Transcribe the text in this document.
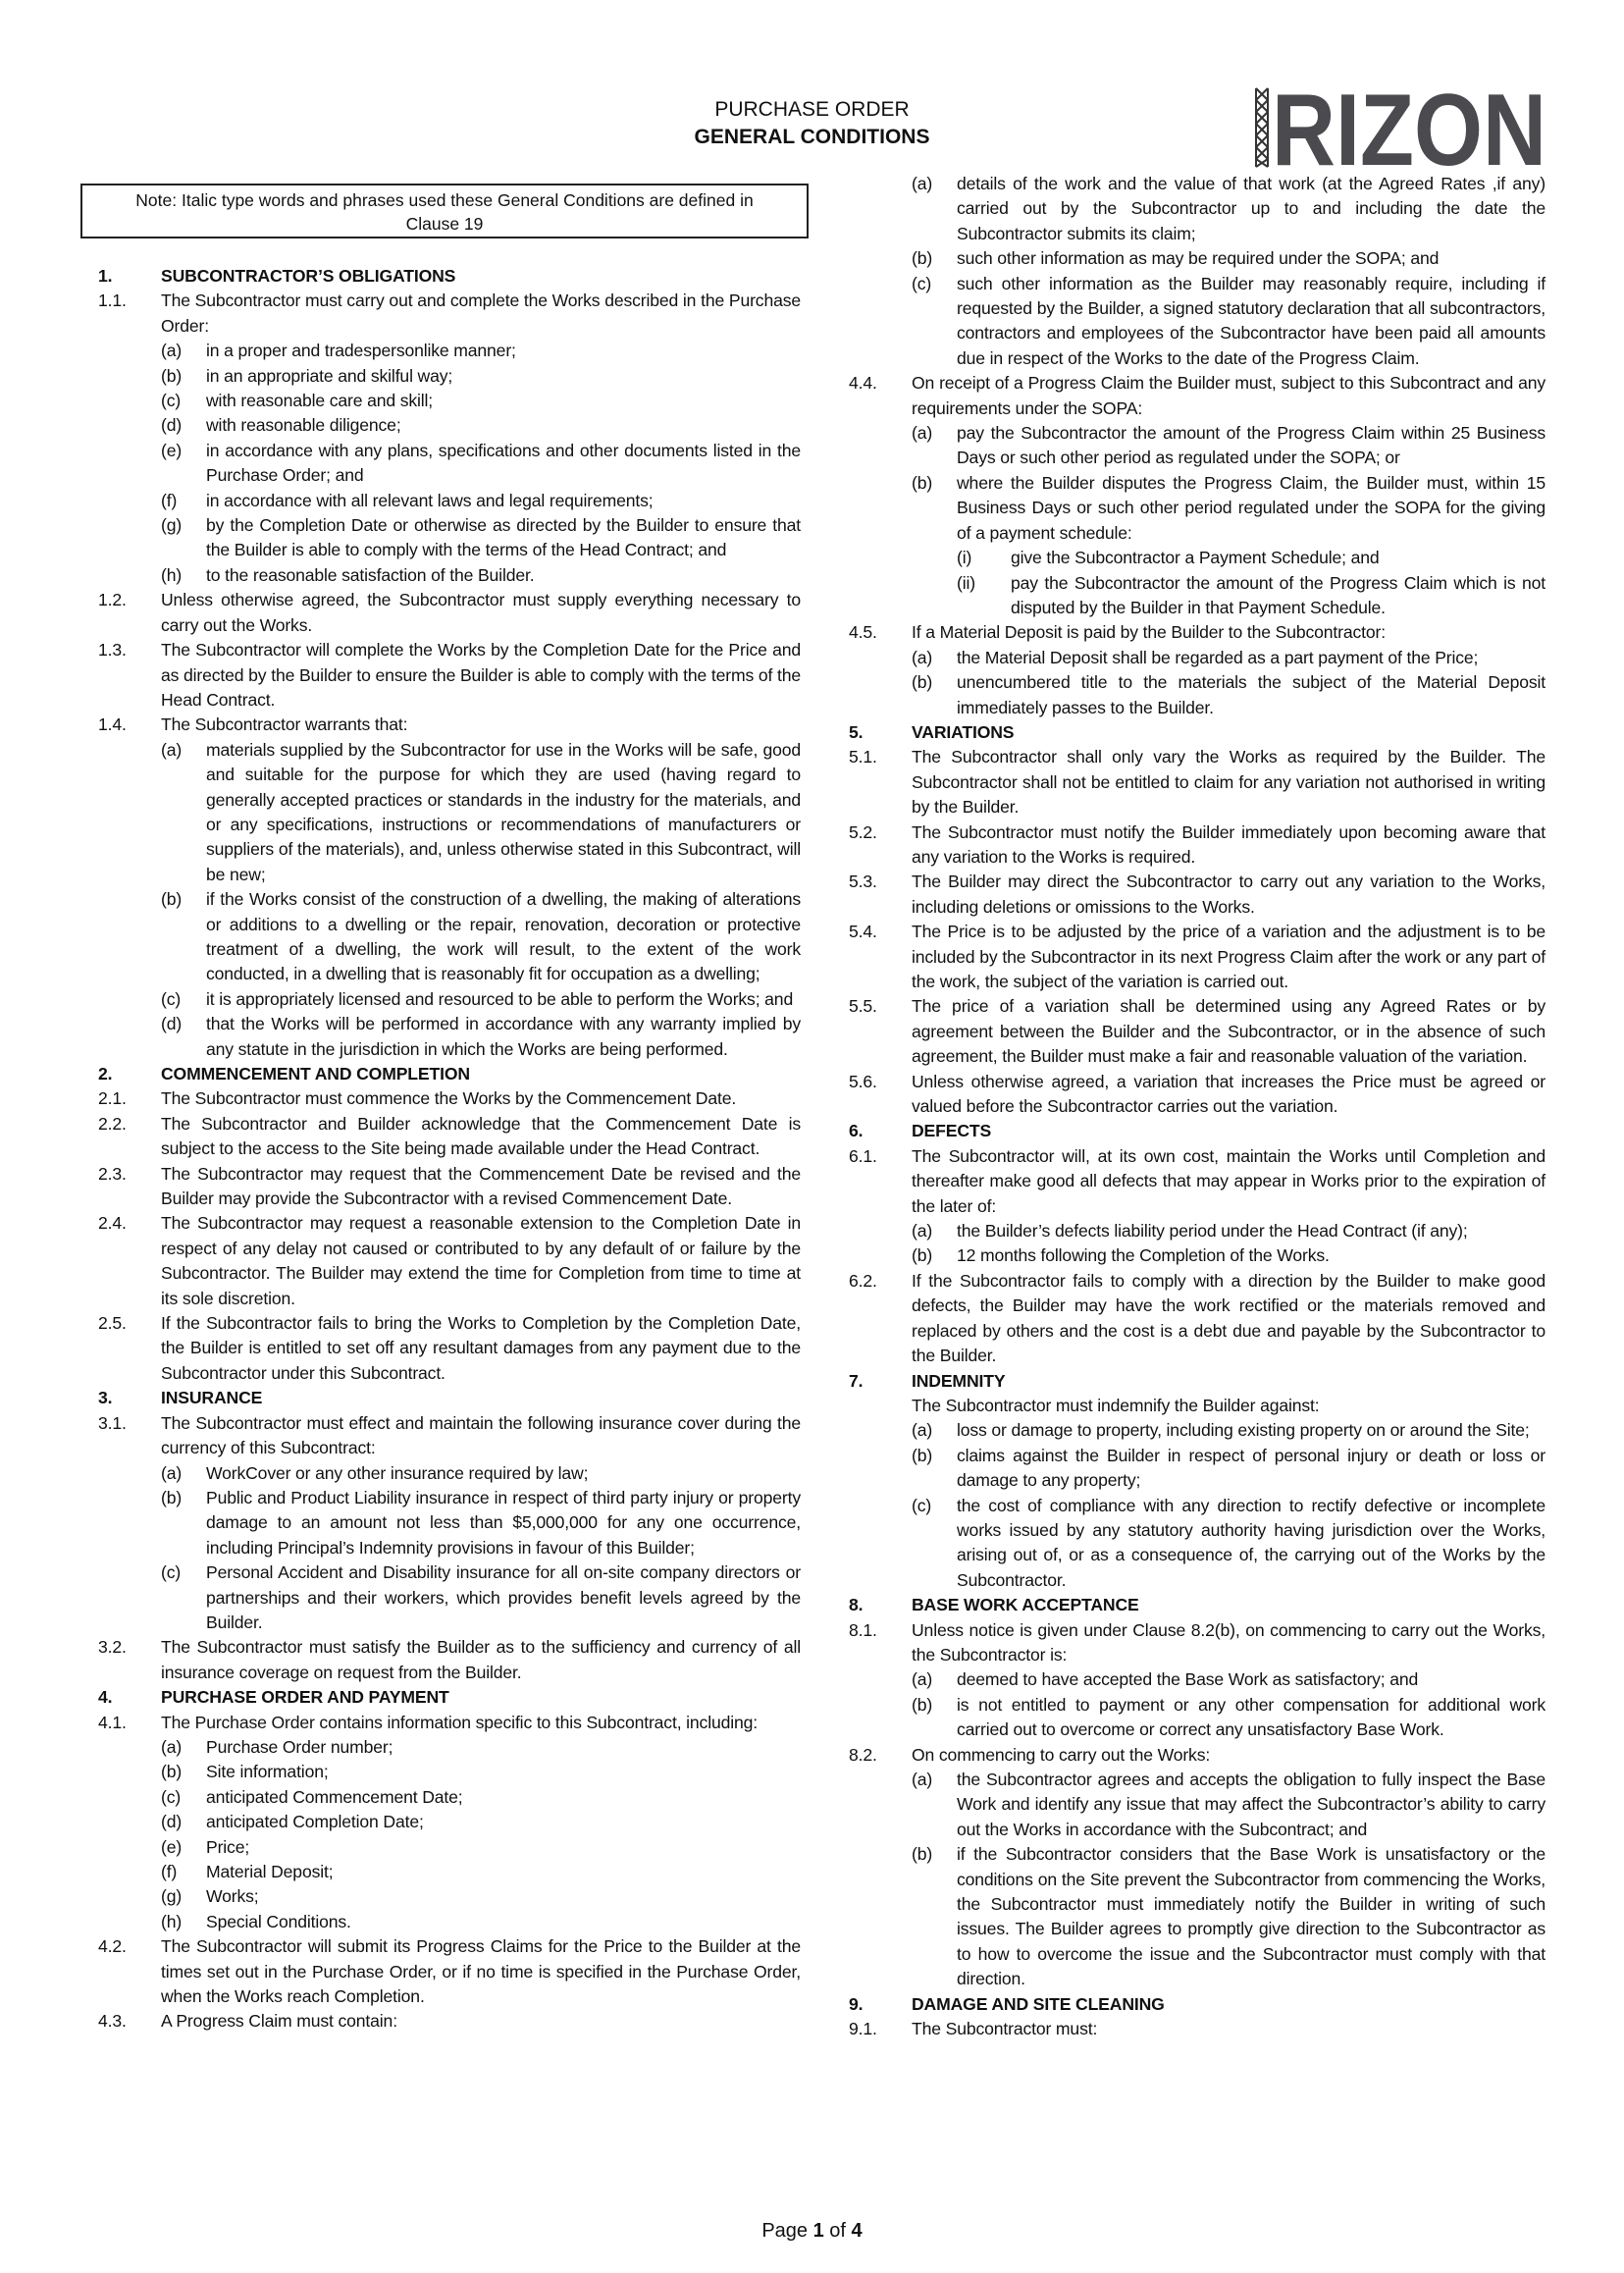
PURCHASE ORDER
GENERAL CONDITIONS	RIZON
Note: Italic type words and phrases used these General Conditions are defined in
Clause 19
1.	SUBCONTRACTOR’S OBLIGATIONS
1.1. The Subcontractor must carry out and complete the Works described in the Purchase Order:
(a) in a proper and tradespersonlike manner;
(b) in an appropriate and skilful way;
(c) with reasonable care and skill;
(d) with reasonable diligence;
(e) in accordance with any plans, specifications and other documents listed in the Purchase Order; and
(f) in accordance with all relevant laws and legal requirements;
(g) by the Completion Date or otherwise as directed by the Builder to ensure that the Builder is able to comply with the terms of the Head Contract; and
(h) to the reasonable satisfaction of the Builder.
1.2. Unless otherwise agreed, the Subcontractor must supply everything necessary to carry out the Works.
1.3. The Subcontractor will complete the Works by the Completion Date for the Price and as directed by the Builder to ensure the Builder is able to comply with the terms of the Head Contract.
1.4. The Subcontractor warrants that:
(a) materials supplied by the Subcontractor for use in the Works will be safe, good and suitable for the purpose for which they are used (having regard to generally accepted practices or standards in the industry for the materials, and or any specifications, instructions or recommendations of manufacturers or suppliers of the materials), and, unless otherwise stated in this Subcontract, will be new;
(b) if the Works consist of the construction of a dwelling, the making of alterations or additions to a dwelling or the repair, renovation, decoration or protective treatment of a dwelling, the work will result, to the extent of the work conducted, in a dwelling that is reasonably fit for occupation as a dwelling;
(c) it is appropriately licensed and resourced to be able to perform the Works; and
(d) that the Works will be performed in accordance with any warranty implied by any statute in the jurisdiction in which the Works are being performed.
2.	COMMENCEMENT AND COMPLETION
2.1. The Subcontractor must commence the Works by the Commencement Date.
2.2. The Subcontractor and Builder acknowledge that the Commencement Date is subject to the access to the Site being made available under the Head Contract.
2.3. The Subcontractor may request that the Commencement Date be revised and the Builder may provide the Subcontractor with a revised Commencement Date.
2.4. The Subcontractor may request a reasonable extension to the Completion Date in respect of any delay not caused or contributed to by any default of or failure by the Subcontractor. The Builder may extend the time for Completion from time to time at its sole discretion.
2.5. If the Subcontractor fails to bring the Works to Completion by the Completion Date, the Builder is entitled to set off any resultant damages from any payment due to the Subcontractor under this Subcontract.
3.	INSURANCE
3.1. The Subcontractor must effect and maintain the following insurance cover during the currency of this Subcontract:
(a) WorkCover or any other insurance required by law;
(b) Public and Product Liability insurance in respect of third party injury or property damage to an amount not less than $5,000,000 for any one occurrence, including Principal’s Indemnity provisions in favour of this Builder;
(c) Personal Accident and Disability insurance for all on-site company directors or partnerships and their workers, which provides benefit levels agreed by the Builder.
3.2. The Subcontractor must satisfy the Builder as to the sufficiency and currency of all insurance coverage on request from the Builder.
4.	PURCHASE ORDER AND PAYMENT
4.1. The Purchase Order contains information specific to this Subcontract, including:
(a) Purchase Order number;
(b) Site information;
(c) anticipated Commencement Date;
(d) anticipated Completion Date;
(e) Price;
(f) Material Deposit;
(g) Works;
(h) Special Conditions.
4.2. The Subcontractor will submit its Progress Claims for the Price to the Builder at the times set out in the Purchase Order, or if no time is specified in the Purchase Order, when the Works reach Completion.
4.3. A Progress Claim must contain:
(a) details of the work and the value of that work (at the Agreed Rates ,if any) carried out by the Subcontractor up to and including the date the Subcontractor submits its claim;
(b) such other information as may be required under the SOPA; and
(c) such other information as the Builder may reasonably require, including if requested by the Builder, a signed statutory declaration that all subcontractors, contractors and employees of the Subcontractor have been paid all amounts due in respect of the Works to the date of the Progress Claim.
4.4. On receipt of a Progress Claim the Builder must, subject to this Subcontract and any requirements under the SOPA:
(a) pay the Subcontractor the amount of the Progress Claim within 25 Business Days or such other period as regulated under the SOPA; or
(b) where the Builder disputes the Progress Claim, the Builder must, within 15 Business Days or such other period regulated under the SOPA for the giving of a payment schedule:
(i) give the Subcontractor a Payment Schedule; and
(ii) pay the Subcontractor the amount of the Progress Claim which is not disputed by the Builder in that Payment Schedule.
4.5. If a Material Deposit is paid by the Builder to the Subcontractor:
(a) the Material Deposit shall be regarded as a part payment of the Price;
(b) unencumbered title to the materials the subject of the Material Deposit immediately passes to the Builder.
5.	VARIATIONS
5.1. The Subcontractor shall only vary the Works as required by the Builder. The Subcontractor shall not be entitled to claim for any variation not authorised in writing by the Builder.
5.2. The Subcontractor must notify the Builder immediately upon becoming aware that any variation to the Works is required.
5.3. The Builder may direct the Subcontractor to carry out any variation to the Works, including deletions or omissions to the Works.
5.4. The Price is to be adjusted by the price of a variation and the adjustment is to be included by the Subcontractor in its next Progress Claim after the work or any part of the work, the subject of the variation is carried out.
5.5. The price of a variation shall be determined using any Agreed Rates or by agreement between the Builder and the Subcontractor, or in the absence of such agreement, the Builder must make a fair and reasonable valuation of the variation.
5.6. Unless otherwise agreed, a variation that increases the Price must be agreed or valued before the Subcontractor carries out the variation.
6.	DEFECTS
6.1. The Subcontractor will, at its own cost, maintain the Works until Completion and thereafter make good all defects that may appear in Works prior to the expiration of the later of:
(a) the Builder’s defects liability period under the Head Contract (if any);
(b) 12 months following the Completion of the Works.
6.2. If the Subcontractor fails to comply with a direction by the Builder to make good defects, the Builder may have the work rectified or the materials removed and replaced by others and the cost is a debt due and payable by the Subcontractor to the Builder.
7.	INDEMNITY
The Subcontractor must indemnify the Builder against:
(a) loss or damage to property, including existing property on or around the Site;
(b) claims against the Builder in respect of personal injury or death or loss or damage to any property;
(c) the cost of compliance with any direction to rectify defective or incomplete works issued by any statutory authority having jurisdiction over the Works, arising out of, or as a consequence of, the carrying out of the Works by the Subcontractor.
8.	BASE WORK ACCEPTANCE
8.1. Unless notice is given under Clause 8.2(b), on commencing to carry out the Works, the Subcontractor is:
(a) deemed to have accepted the Base Work as satisfactory; and
(b) is not entitled to payment or any other compensation for additional work carried out to overcome or correct any unsatisfactory Base Work.
8.2. On commencing to carry out the Works:
(a) the Subcontractor agrees and accepts the obligation to fully inspect the Base Work and identify any issue that may affect the Subcontractor’s ability to carry out the Works in accordance with the Subcontract; and
(b) if the Subcontractor considers that the Base Work is unsatisfactory or the conditions on the Site prevent the Subcontractor from commencing the Works, the Subcontractor must immediately notify the Builder in writing of such issues. The Builder agrees to promptly give direction to the Subcontractor as to how to overcome the issue and the Subcontractor must comply with that direction.
9.	DAMAGE AND SITE CLEANING
9.1. The Subcontractor must:
Page 1 of 4
